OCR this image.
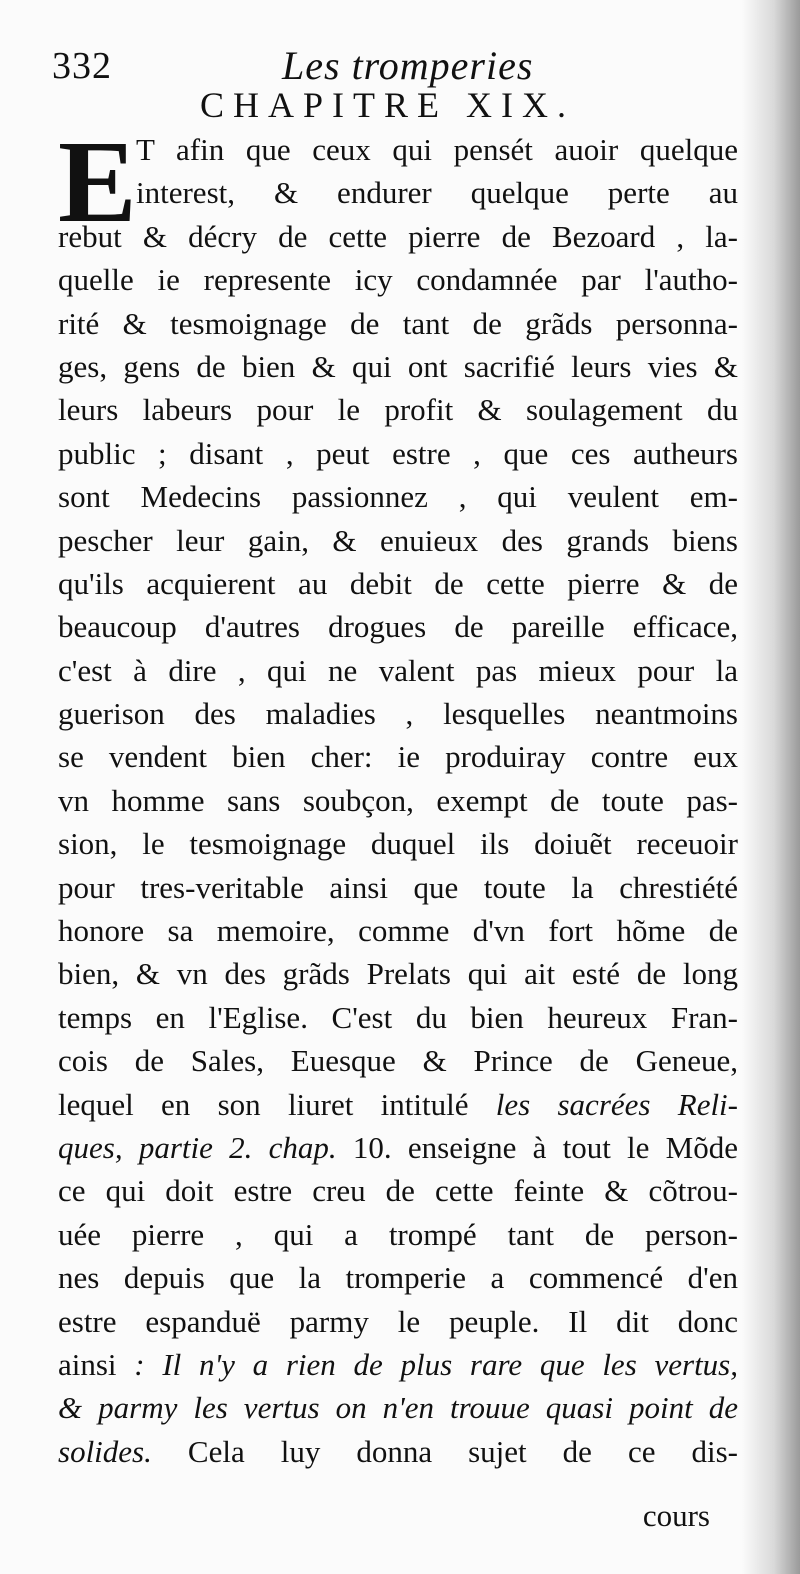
332	Les tromperies
CHAPITRE XIX.
E T afin que ceux qui pensét auoir quelque
interest, & endurer quelque perte au
rebut & décry de cette pierre de Bezoard , la-
quelle ie represente icy condamnée par l'autho-
rité & tesmoignage de tant de grãds personna-
ges, gens de bien & qui ont sacrifié leurs vies &
leurs labeurs pour le profit & soulagement du
public ; disant , peut estre , que ces autheurs
sont Medecins passionnez , qui veulent em-
pescher leur gain, & enuieux des grands biens
qu'ils acquierent au debit de cette pierre & de
beaucoup d'autres drogues de pareille efficace,
c'est à dire , qui ne valent pas mieux pour la
guerison des maladies , lesquelles neantmoins
se vendent bien cher: ie produiray contre eux
vn homme sans soubçon, exempt de toute pas-
sion, le tesmoignage duquel ils doiuẽt receuoir
pour tres-veritable ainsi que toute la chrestiété
honore sa memoire, comme d'vn fort hõme de
bien, & vn des grãds Prelats qui ait esté de long
temps en l'Eglise. C'est du bien heureux Fran-
cois de Sales, Euesque & Prince de Geneue,
lequel en son liuret intitulé les sacrées Reli-
ques, partie 2. chap. 10. enseigne à tout le Mõde
ce qui doit estre creu de cette feinte & cõtrou-
uée pierre , qui a trompé tant de person-
nes depuis que la tromperie a commencé d'en
estre espanduë parmy le peuple. Il dit donc
ainsi : Il n'y a rien de plus rare que les vertus,
& parmy les vertus on n'en trouue quasi point de
solides. Cela luy donna sujet de ce dis-
cours
